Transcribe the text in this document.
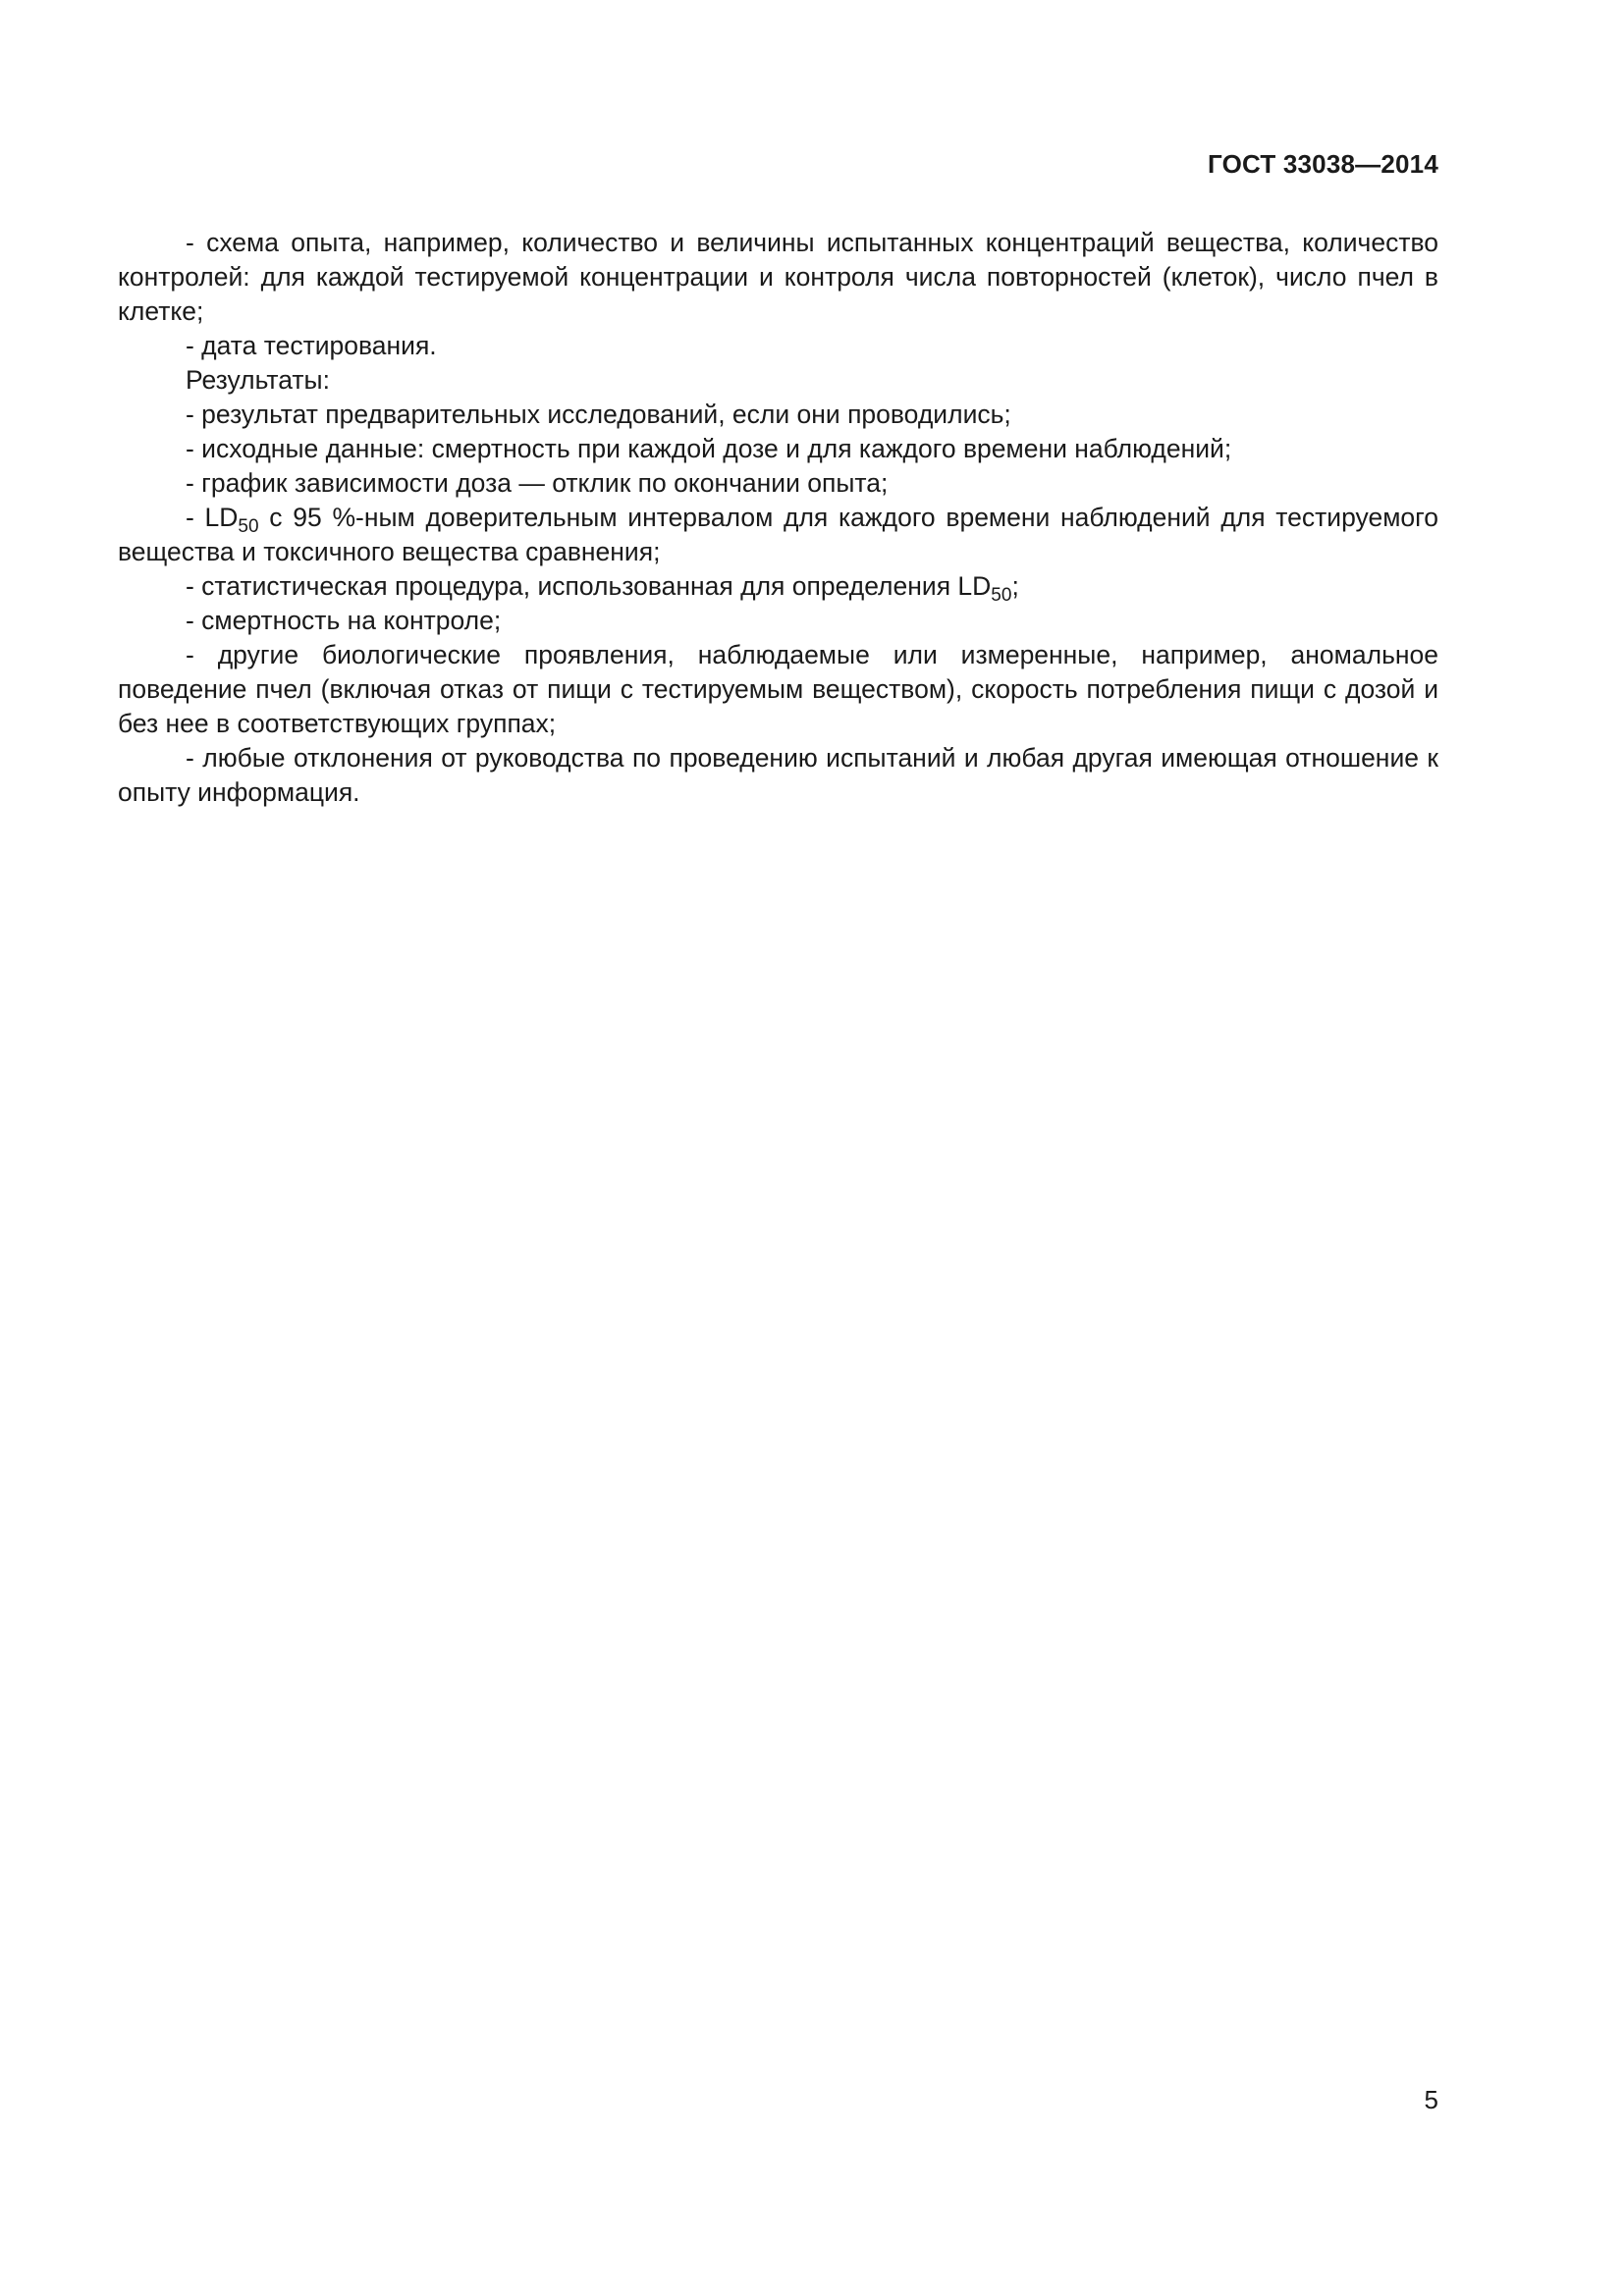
ГОСТ 33038—2014

- схема опыта, например, количество и величины испытанных концентраций вещества, количество контролей: для каждой тестируемой концентрации и контроля числа повторностей (клеток), число пчел в клетке;

- дата тестирования.

Результаты:

- результат предварительных исследований, если они проводились;

- исходные данные: смертность при каждой дозе и для каждого времени наблюдений;

- график зависимости доза — отклик по окончании опыта;

- $LD_{50}$ с 95 %-ным доверительным интервалом для каждого времени наблюдений для тестируемого вещества и токсичного вещества сравнения;

- статистическая процедура, использованная для определения $LD_{50}$;

- смертность на контроле;

- другие биологические проявления, наблюдаемые или измеренные, например, аномальное поведение пчел (включая отказ от пищи с тестируемым веществом), скорость потребления пищи с дозой и без нее в соответствующих группах;

- любые отклонения от руководства по проведению испытаний и любая другая имеющая отношение к опыту информация.

5
